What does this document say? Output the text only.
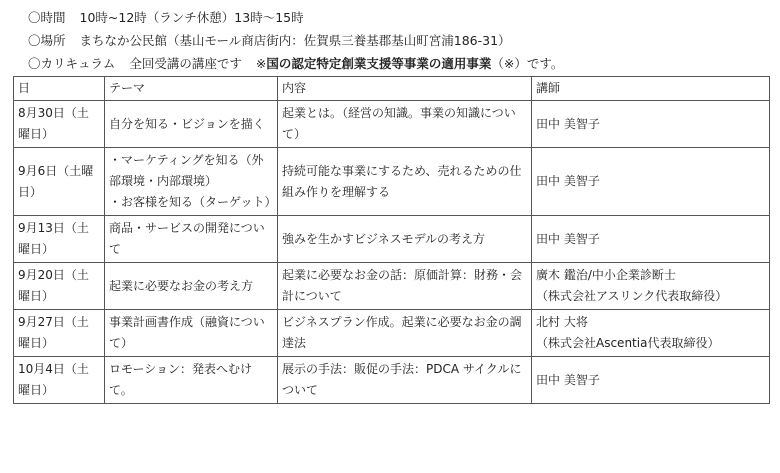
〇時間 10時~12時（ランチ休憩）13時～15時
〇場所 まちなか公民館（基山モール商店街内：佐賀県三養基郡基山町宮浦186-31）
〇カリキュラム 全回受講の講座です ※国の認定特定創業支援等事業の適用事業（※）です。
日	テーマ	内容	講師
8月30日（土曜日）	自分を知る・ビジョンを描く	起業とは。（経営の知識。事業の知識について）	田中 美智子

9月6日（土曜日）	・マーケティングを知る（外部環境・内部環境）
・お客様を知る（ターゲット）	持続可能な事業にするため、売れるための仕組み作りを理解する	田中 美智子

9月13日（土曜日）	商品・サービスの開発について	強みを生かすビジネスモデルの考え方	田中 美智子

9月20日（土曜日）	起業に必要なお金の考え方	起業に必要なお金の話：原価計算：財務・会計について	廣木 鑑治/中小企業診断士
（株式会社アスリンク代表取締役）

9月27日（土曜日）	事業計画書作成（融資について）	ビジネスプラン作成。起業に必要なお金の調達法	北村 大将
（株式会社Ascentia代表取締役）

10月4日（土曜日）	ロモーション：発表へむけて。	展示の手法：販促の手法：PDCA サイクルについて	田中 美智子
